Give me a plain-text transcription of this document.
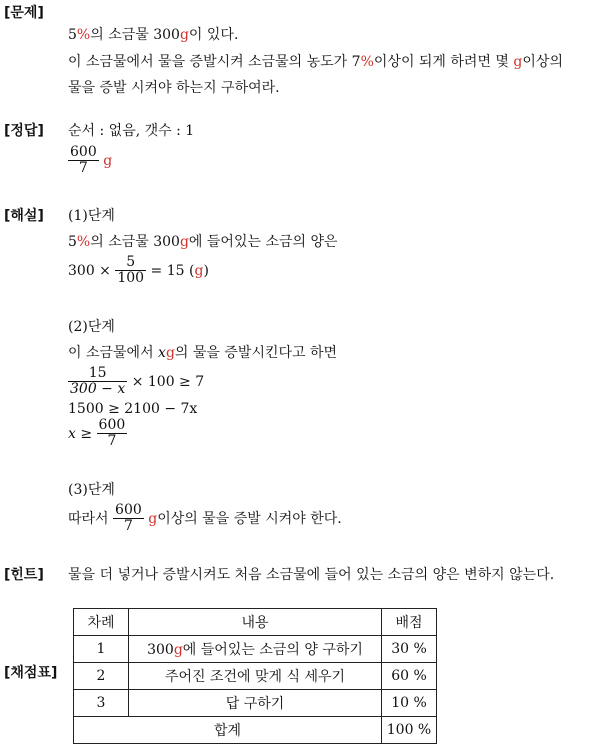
[문제]
5%의 소금물 300g이 있다.
이 소금물에서 물을 증발시켜 소금물의 농도가 7%이상이 되게 하려면 몇 g이상의
물을 증발 시켜야 하는지 구하여라.
[정답] 순서 : 없음, 갯수 : 1
$\frac{600}{7}$ g
[해설] (1)단계
5%의 소금물 300g에 들어있는 소금의 양은
$300 \times \frac{5}{100} = 15$ (g)
(2)단계
이 소금물에서 xg의 물을 증발시킨다고 하면
$\frac{15}{300 - x} \times 100 \ge 7$
1500 ≥ 2100 − 7x
$x \ge \frac{600}{7}$
(3)단계
따라서 $\frac{600}{7}$ g이상의 물을 증발 시켜야 한다.
[힌트] 물을 더 넣거나 증발시켜도 처음 소금물에 들어 있는 소금의 양은 변하지 않는다.
[채점표]
차례	내용	배점
1	300g에 들어있는 소금의 양 구하기	30 %
2	주어진 조건에 맞게 식 세우기	60 %
3	답 구하기	10 %
합계		100 %
